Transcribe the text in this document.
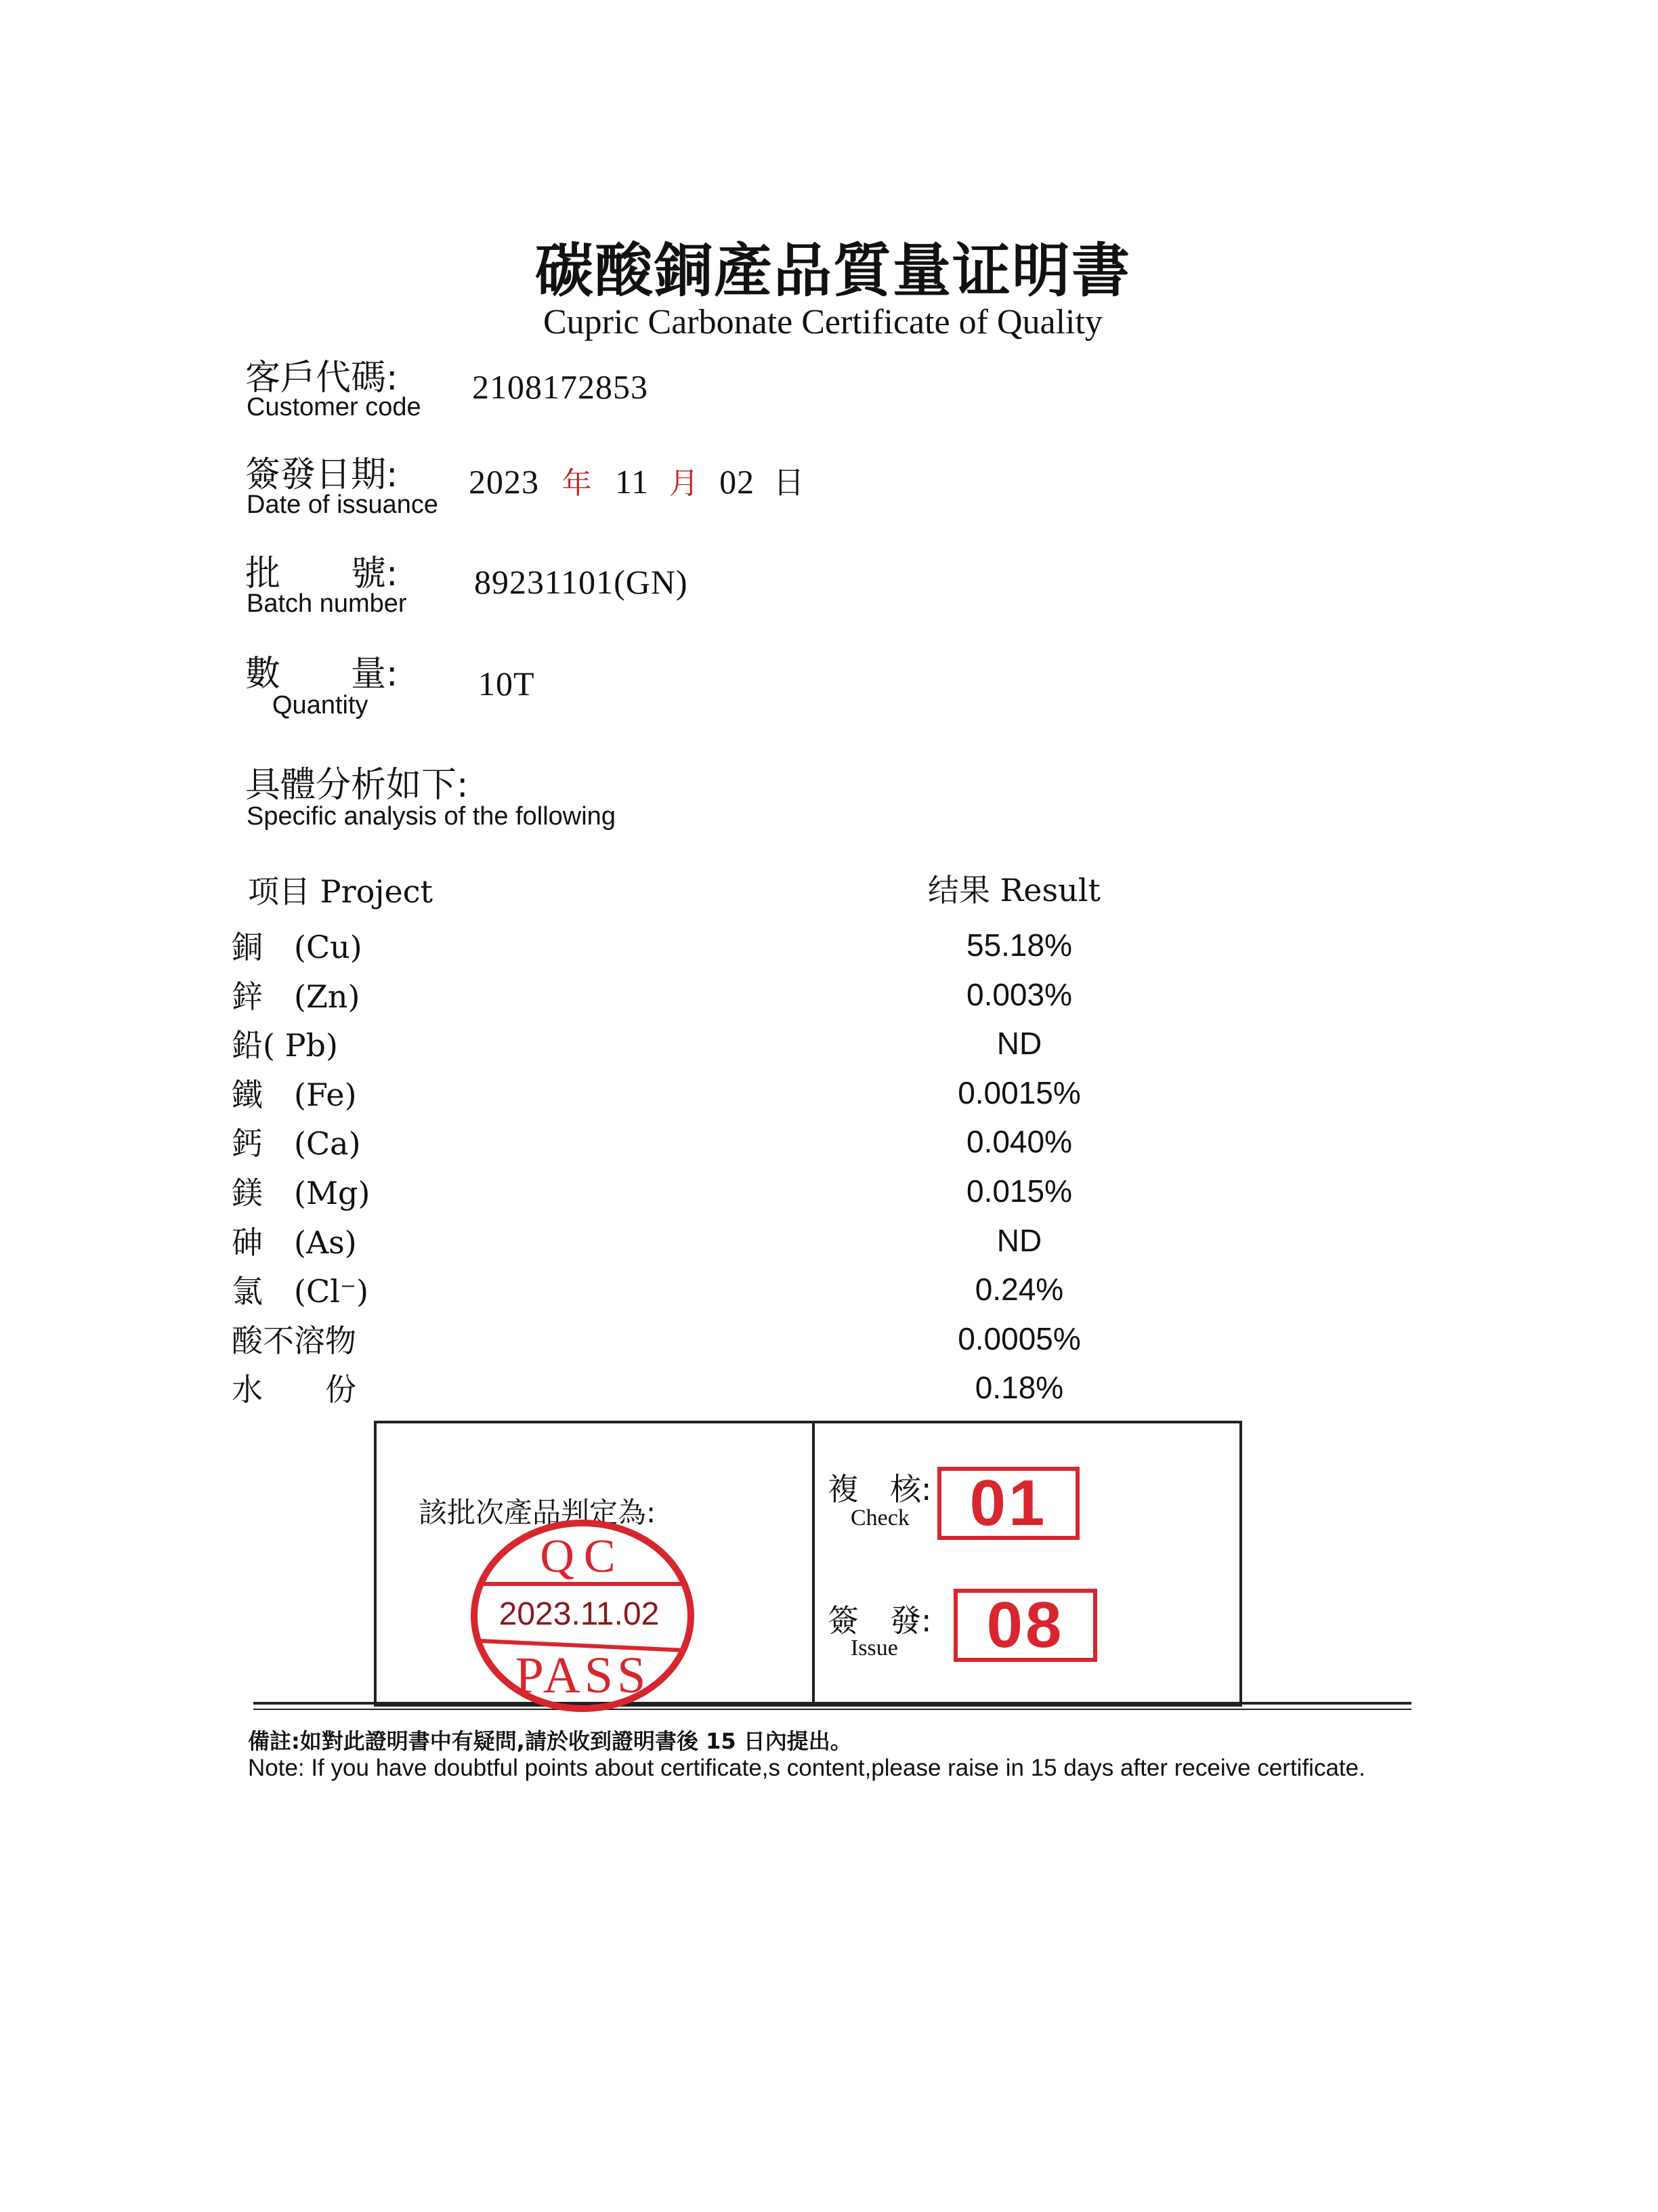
碳酸銅產品質量证明書
Cupric Carbonate Certificate of Quality
客戶代碼:
Customer code
2108172853
簽發日期:
Date of issuance
2023 年 11 月 02 日
批　　號:
Batch number
89231101(GN)
數　　量:
Quantity
10T
具體分析如下:
Specific analysis of the following
项目 Project	结果 Result
銅　(Cu)	55.18%
鋅　(Zn)	0.003%
鉛( Pb)	ND
鐵　(Fe)	0.0015%
鈣　(Ca)	0.040%
鎂　(Mg)	0.015%
砷　(As)	ND
氯　(Cl⁻)	0.24%
酸不溶物	0.0005%
水　　份	0.18%
該批次產品判定為:
QC
2023.11.02
PASS
複　核:
Check 01
簽　發:
Issue	08
備註:如對此證明書中有疑問,請於收到證明書後 15 日內提出。
Note: If you have doubtful points about certificate,s content,please raise in 15 days after receive certificate.
